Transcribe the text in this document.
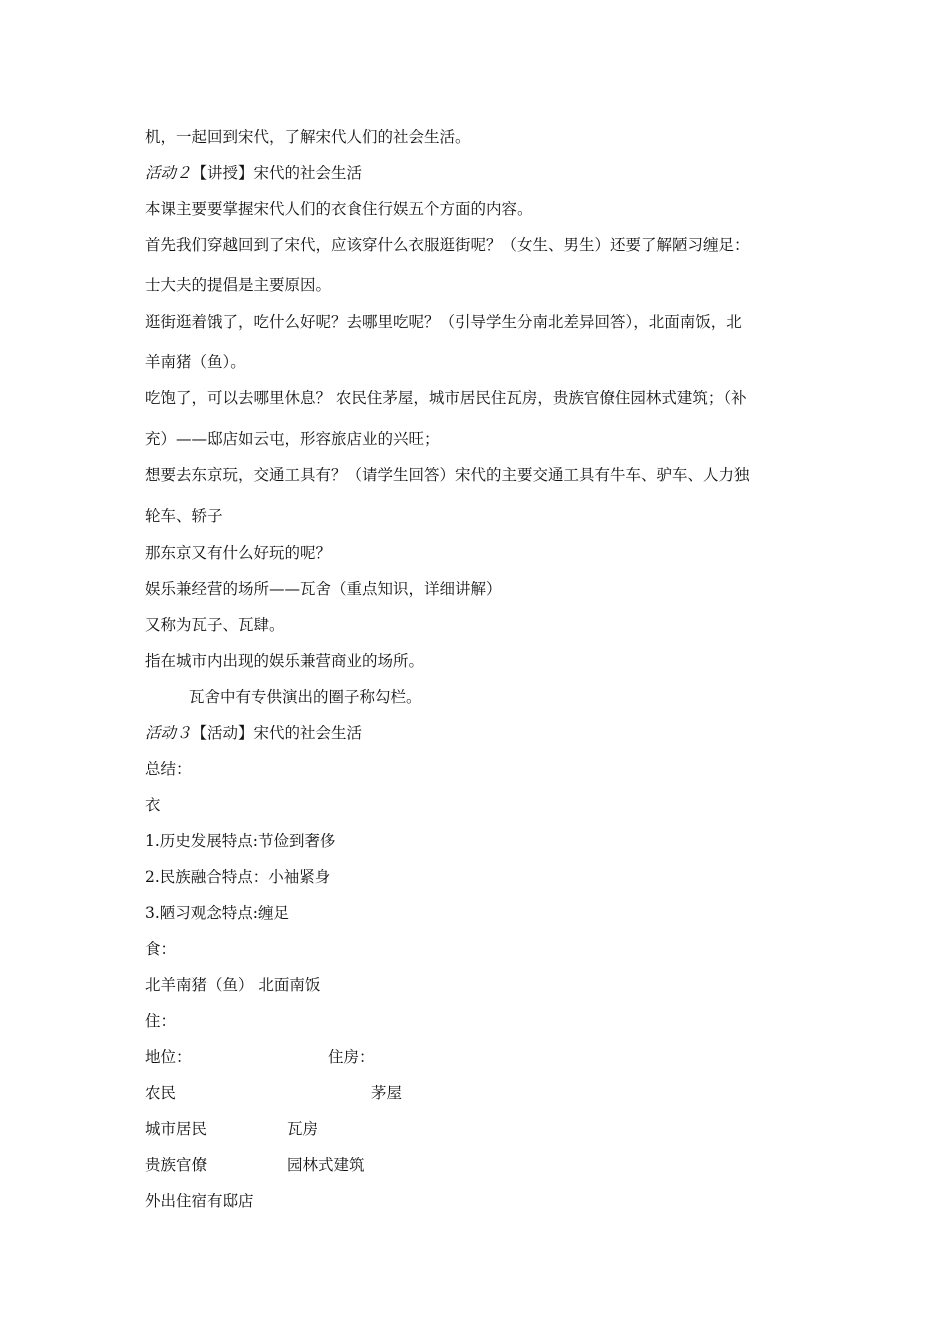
机，一起回到宋代，了解宋代人们的社会生活。
活动２【讲授】宋代的社会生活
本课主要要掌握宋代人们的衣食住行娱五个方面的内容。
首先我们穿越回到了宋代，应该穿什么衣服逛街呢？（女生、男生）还要了解陋习缠足：
士大夫的提倡是主要原因。
逛街逛着饿了，吃什么好呢？去哪里吃呢？（引导学生分南北差异回答），北面南饭，北
羊南猪（鱼）。
吃饱了，可以去哪里休息？ 农民住茅屋，城市居民住瓦房，贵族官僚住园林式建筑；（补
充）——邸店如云屯，形容旅店业的兴旺；
想要去东京玩，交通工具有？（请学生回答）宋代的主要交通工具有牛车、驴车、人力独
轮车、轿子
那东京又有什么好玩的呢？
娱乐兼经营的场所——瓦舍（重点知识，详细讲解）
又称为瓦子、瓦肆。
指在城市内出现的娱乐兼营商业的场所。
瓦舍中有专供演出的圈子称勾栏。
活动３【活动】宋代的社会生活
总结：
衣
1.历史发展特点:节俭到奢侈
2.民族融合特点：小袖紧身
3.陋习观念特点:缠足
食：
北羊南猪（鱼） 北面南饭
住：
地位：	住房：
农民	茅屋
城市居民	瓦房
贵族官僚	园林式建筑
外出住宿有邸店
